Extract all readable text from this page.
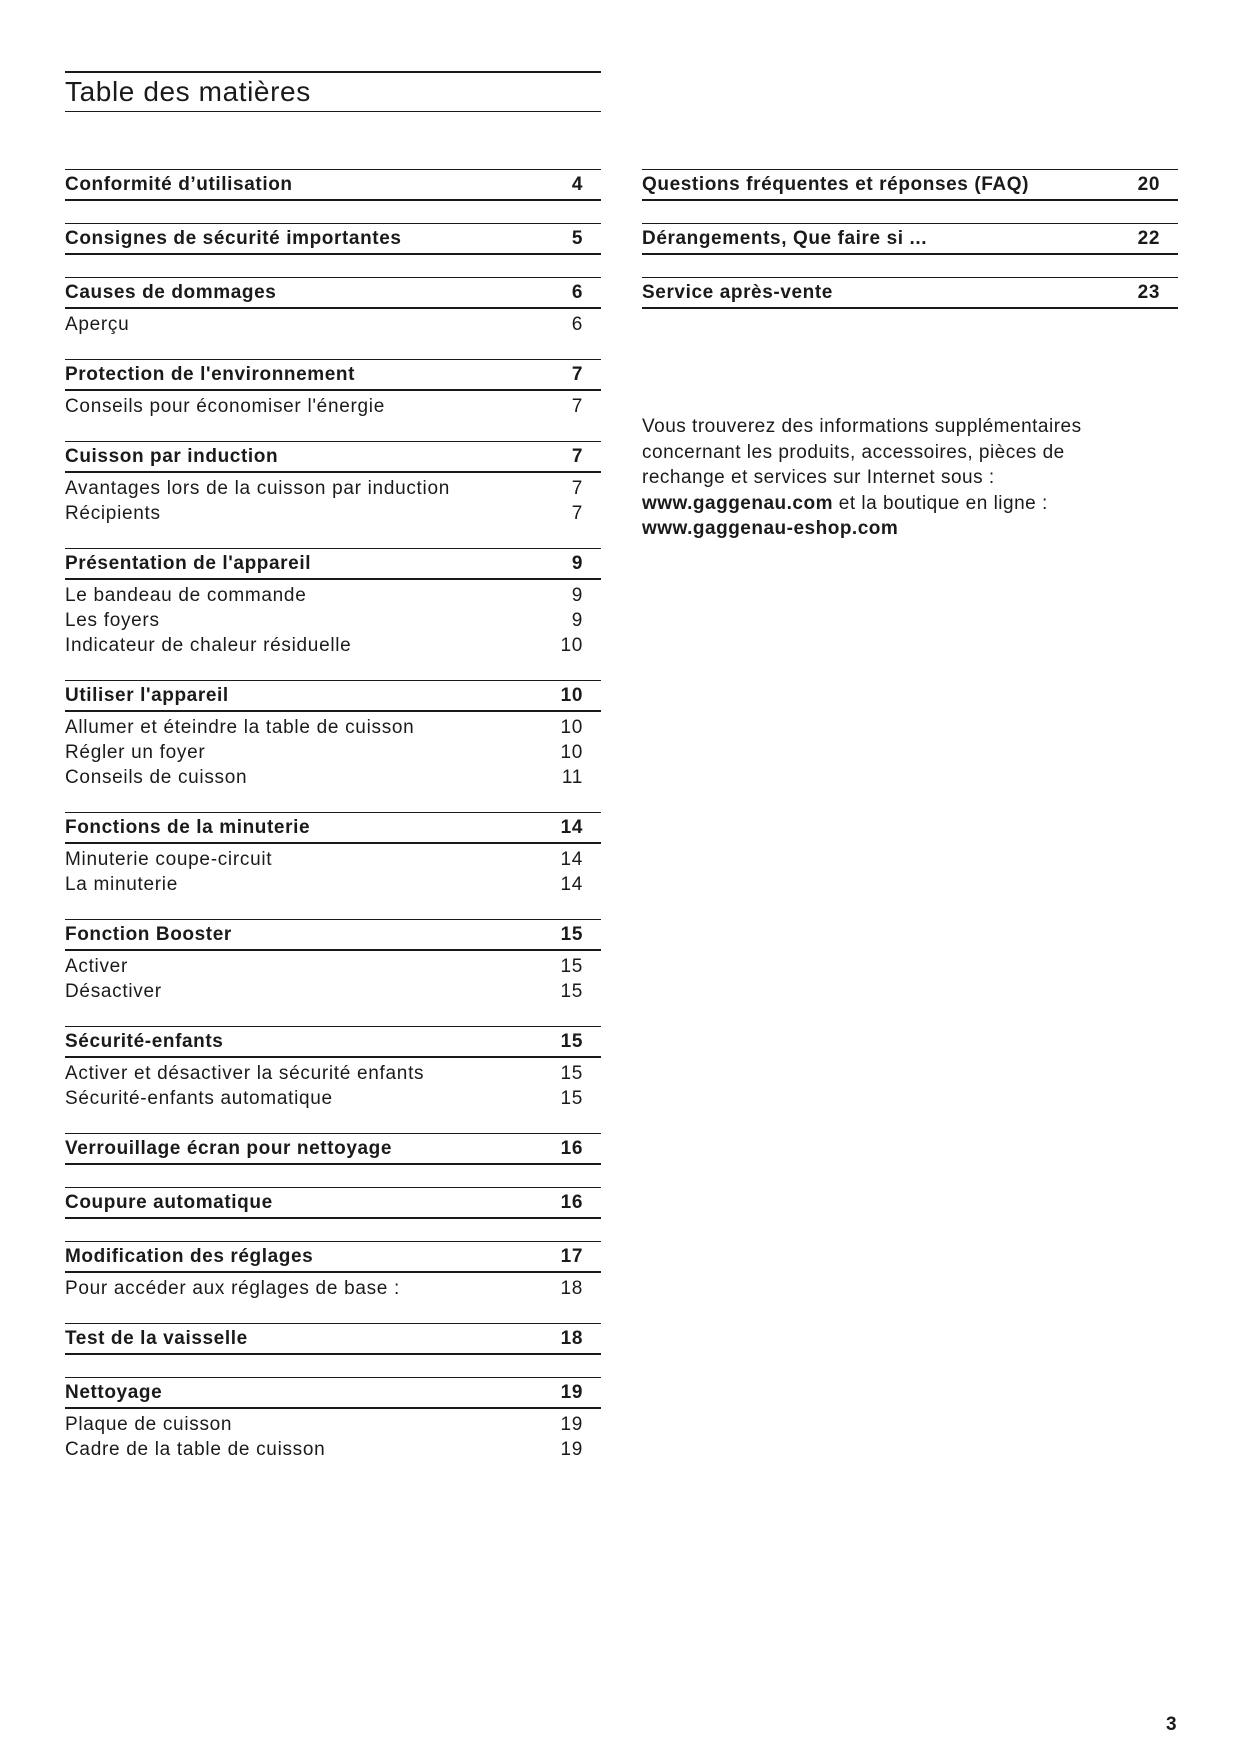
Table des matières
Conformité d’utilisation	4
Consignes de sécurité importantes	5
Causes de dommages	6
Aperçu	6
Protection de l'environnement	7
Conseils pour économiser l'énergie	7
Cuisson par induction	7
Avantages lors de la cuisson par induction	7
Récipients	7
Présentation de l'appareil	9
Le bandeau de commande	9
Les foyers	9
Indicateur de chaleur résiduelle	10
Utiliser l'appareil	10
Allumer et éteindre la table de cuisson	10
Régler un foyer	10
Conseils de cuisson	11
Fonctions de la minuterie	14
Minuterie coupe-circuit	14
La minuterie	14
Fonction Booster	15
Activer	15
Désactiver	15
Sécurité-enfants	15
Activer et désactiver la sécurité enfants	15
Sécurité-enfants automatique	15
Verrouillage écran pour nettoyage	16
Coupure automatique	16
Modification des réglages	17
Pour accéder aux réglages de base :	18
Test de la vaisselle	18
Nettoyage	19
Plaque de cuisson	19
Cadre de la table de cuisson	19
Questions fréquentes et réponses (FAQ)	20
Dérangements, Que faire si ...	22
Service après-vente	23
Vous trouverez des informations supplémentaires
concernant les produits, accessoires, pièces de
rechange et services sur Internet sous :
www.gaggenau.com et la boutique en ligne :
www.gaggenau-eshop.com
3
